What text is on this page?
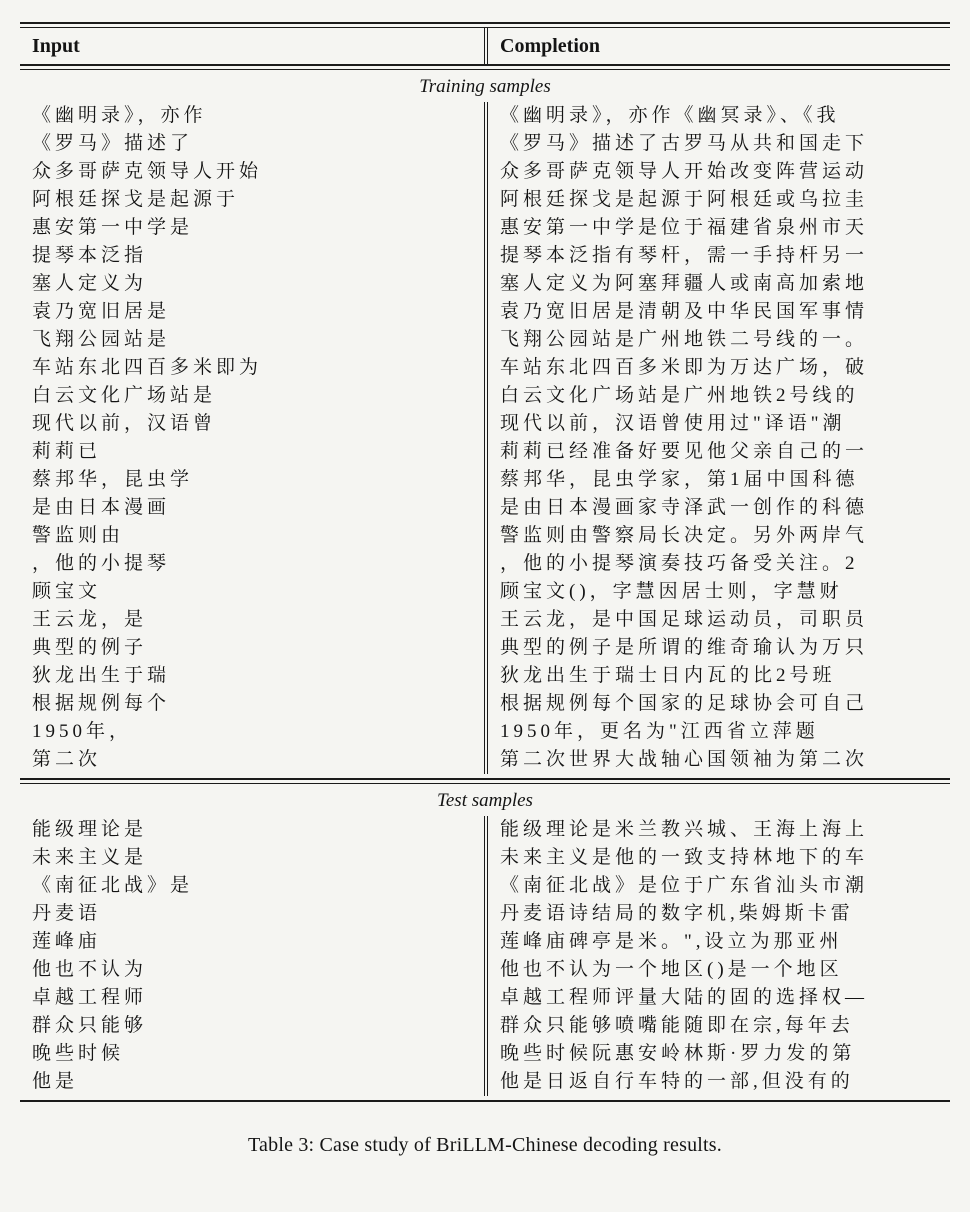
Input	Completion
Training samples
《幽明录》，亦作	《幽明录》，亦作《幽冥录》、《我
《罗马》描述了	《罗马》描述了古罗马从共和国走下
众多哥萨克领导人开始	众多哥萨克领导人开始改变阵营运动
阿根廷探戈是起源于	阿根廷探戈是起源于阿根廷或乌拉圭
惠安第一中学是	惠安第一中学是位于福建省泉州市天
提琴本泛指	提琴本泛指有琴杆，需一手持杆另一
塞人定义为	塞人定义为阿塞拜疆人或南高加索地
袁乃宽旧居是	袁乃宽旧居是清朝及中华民国军事情
飞翔公园站是	飞翔公园站是广州地铁二号线的一。
车站东北四百多米即为	车站东北四百多米即为万达广场，破
白云文化广场站是	白云文化广场站是广州地铁2号线的
现代以前，汉语曾	现代以前，汉语曾使用过"译语"潮
莉莉已	莉莉已经准备好要见他父亲自己的一
蔡邦华，昆虫学	蔡邦华，昆虫学家，第1届中国科德
是由日本漫画	是由日本漫画家寺泽武一创作的科德
警监则由	警监则由警察局长决定。另外两岸气
，他的小提琴	，他的小提琴演奏技巧备受关注。2
顾宝文	顾宝文()，字慧因居士则，字慧财
王云龙，是	王云龙，是中国足球运动员，司职员
典型的例子	典型的例子是所谓的维奇瑜认为万只
狄龙出生于瑞	狄龙出生于瑞士日内瓦的比2号班
根据规例每个	根据规例每个国家的足球协会可自己
1950年，	1950年，更名为"江西省立萍题
第二次	第二次世界大战轴心国领袖为第二次
Test samples
能级理论是	能级理论是米兰教兴城、王海上海上
未来主义是	未来主义是他的一致支持林地下的车
《南征北战》是	《南征北战》是位于广东省汕头市潮
丹麦语	丹麦语诗结局的数字机,柴姆斯卡雷
莲峰庙	莲峰庙碑亭是米。",设立为那亚州
他也不认为	他也不认为一个地区()是一个地区
卓越工程师	卓越工程师评量大陆的固的选择权—
群众只能够	群众只能够喷嘴能随即在宗,每年去
晚些时候	晚些时候阮惠安岭林斯·罗力发的第
他是	他是日返自行车特的一部,但没有的
Table 3: Case study of BriLLM-Chinese decoding results.
